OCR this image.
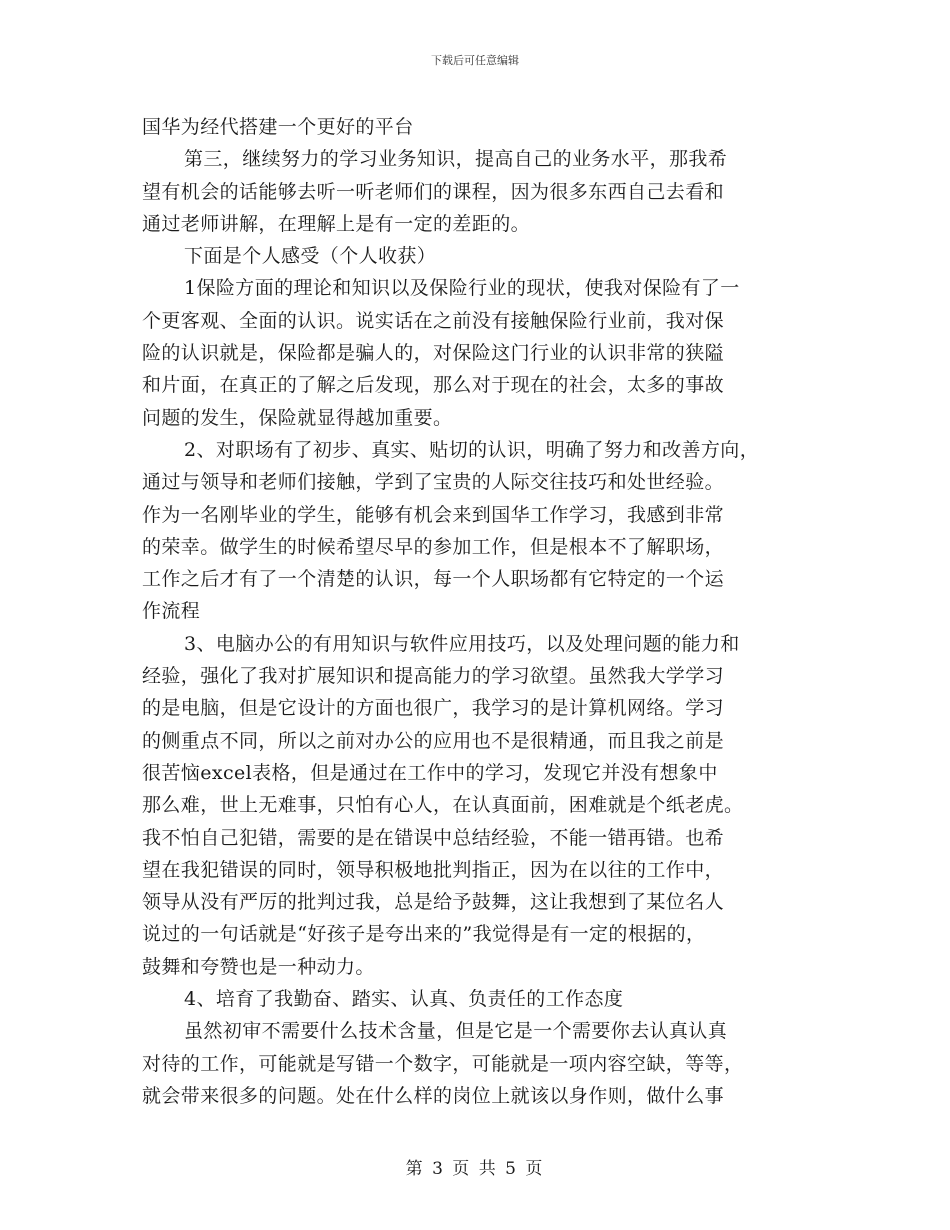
下载后可任意编辑
国华为经代搭建一个更好的平台
第三，继续努力的学习业务知识，提高自己的业务水平，那我希
望有机会的话能够去听一听老师们的课程，因为很多东西自己去看和
通过老师讲解，在理解上是有一定的差距的。
下面是个人感受（个人收获）
1保险方面的理论和知识以及保险行业的现状，使我对保险有了一
个更客观、全面的认识。说实话在之前没有接触保险行业前，我对保
险的认识就是，保险都是骗人的，对保险这门行业的认识非常的狭隘
和片面，在真正的了解之后发现，那么对于现在的社会，太多的事故
问题的发生，保险就显得越加重要。
2、对职场有了初步、真实、贴切的认识，明确了努力和改善方向，
通过与领导和老师们接触，学到了宝贵的人际交往技巧和处世经验。
作为一名刚毕业的学生，能够有机会来到国华工作学习，我感到非常
的荣幸。做学生的时候希望尽早的参加工作，但是根本不了解职场，
工作之后才有了一个清楚的认识，每一个人职场都有它特定的一个运
作流程
3、电脑办公的有用知识与软件应用技巧，以及处理问题的能力和
经验，强化了我对扩展知识和提高能力的学习欲望。虽然我大学学习
的是电脑，但是它设计的方面也很广，我学习的是计算机网络。学习
的侧重点不同，所以之前对办公的应用也不是很精通，而且我之前是
很苦恼excel表格，但是通过在工作中的学习，发现它并没有想象中
那么难，世上无难事，只怕有心人，在认真面前，困难就是个纸老虎。
我不怕自己犯错，需要的是在错误中总结经验，不能一错再错。也希
望在我犯错误的同时，领导积极地批判指正，因为在以往的工作中，
领导从没有严厉的批判过我，总是给予鼓舞，这让我想到了某位名人
说过的一句话就是“好孩子是夸出来的”我觉得是有一定的根据的，
鼓舞和夸赞也是一种动力。
4、培育了我勤奋、踏实、认真、负责任的工作态度
虽然初审不需要什么技术含量，但是它是一个需要你去认真认真
对待的工作，可能就是写错一个数字，可能就是一项内容空缺，等等，
就会带来很多的问题。处在什么样的岗位上就该以身作则，做什么事
第 3 页 共 5 页
